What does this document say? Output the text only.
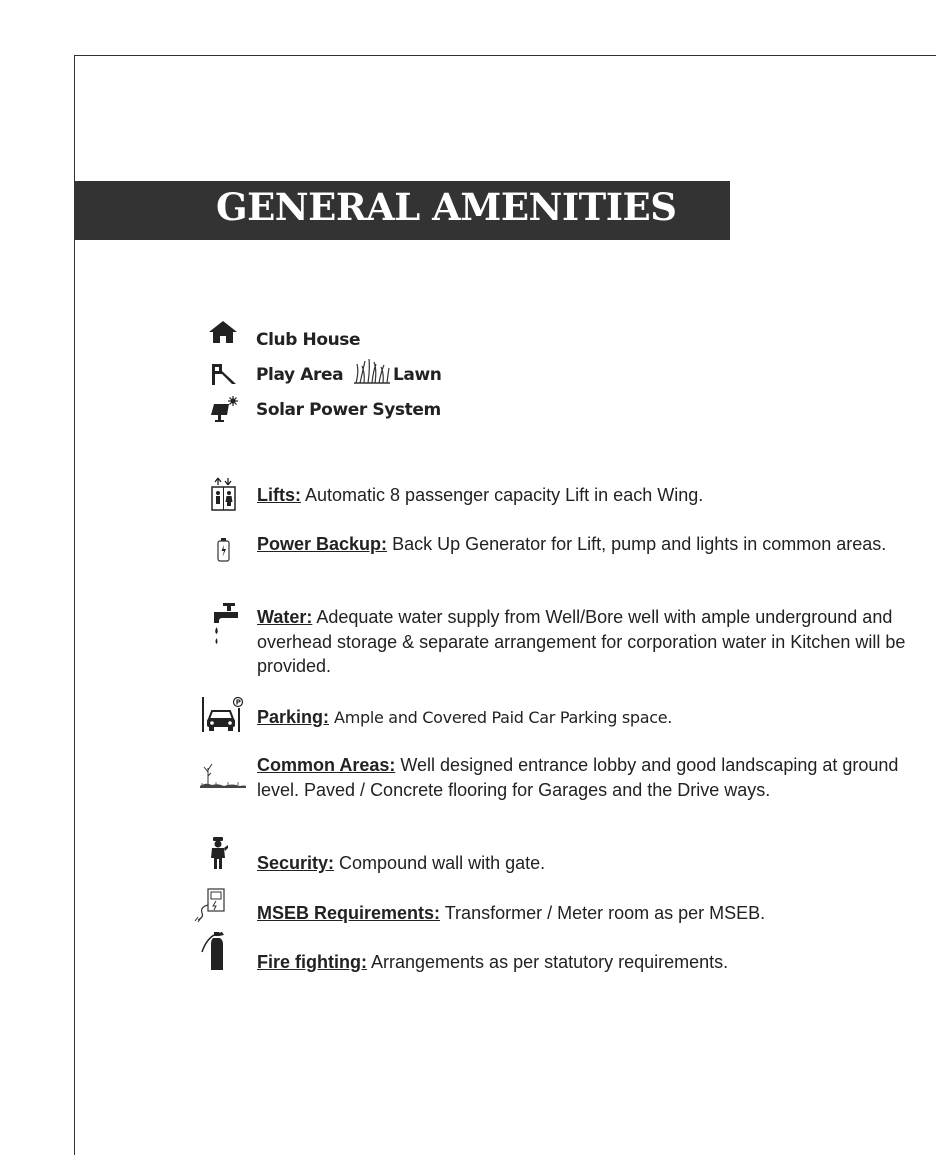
GENERAL AMENITIES
Club House
Play Area	Lawn
Solar Power System
Lifts: Automatic 8 passenger capacity Lift in each Wing.
Power Backup: Back Up Generator for Lift, pump and lights in common areas.
Water: Adequate water supply from Well/Bore well with ample underground and overhead storage & separate arrangement for corporation water in Kitchen will be provided.
P
Parking: Ample and Covered Paid Car Parking space.
Common Areas: Well designed entrance lobby and good landscaping at ground level. Paved / Concrete flooring for Garages and the Drive ways.
Security: Compound wall with gate.
MSEB Requirements: Transformer / Meter room as per MSEB.
Fire fighting: Arrangements as per statutory requirements.
